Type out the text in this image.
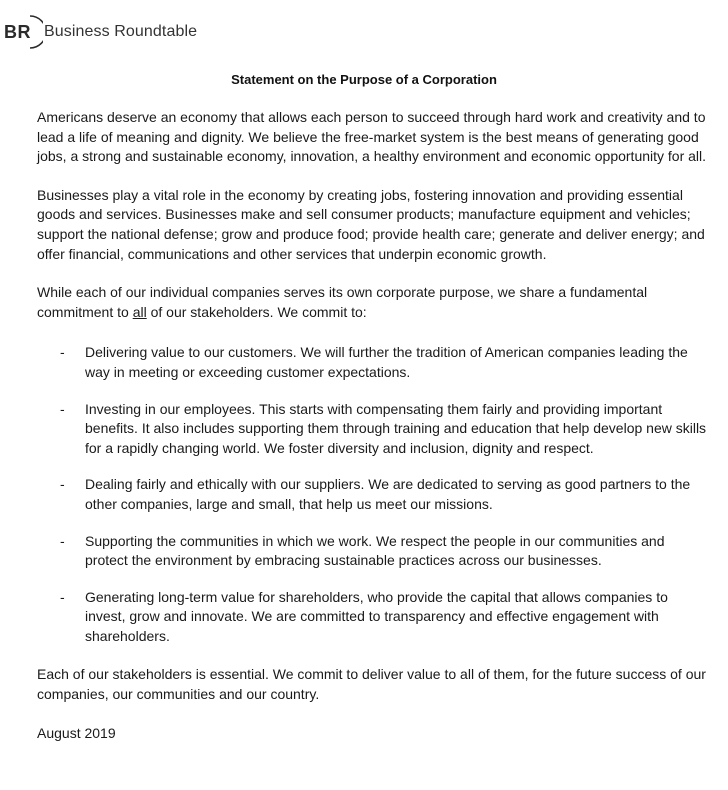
BR Business Roundtable
Statement on the Purpose of a Corporation

Americans deserve an economy that allows each person to succeed through hard work and creativity and to lead a life of meaning and dignity. We believe the free-market system is the best means of generating good jobs, a strong and sustainable economy, innovation, a healthy environment and economic opportunity for all.

Businesses play a vital role in the economy by creating jobs, fostering innovation and providing essential goods and services. Businesses make and sell consumer products; manufacture equipment and vehicles; support the national defense; grow and produce food; provide health care; generate and deliver energy; and offer financial, communications and other services that underpin economic growth.

While each of our individual companies serves its own corporate purpose, we share a fundamental commitment to all of our stakeholders. We commit to:

- Delivering value to our customers. We will further the tradition of American companies leading the way in meeting or exceeding customer expectations.
- Investing in our employees. This starts with compensating them fairly and providing important benefits. It also includes supporting them through training and education that help develop new skills for a rapidly changing world. We foster diversity and inclusion, dignity and respect.
- Dealing fairly and ethically with our suppliers. We are dedicated to serving as good partners to the other companies, large and small, that help us meet our missions.
- Supporting the communities in which we work. We respect the people in our communities and protect the environment by embracing sustainable practices across our businesses.
- Generating long-term value for shareholders, who provide the capital that allows companies to invest, grow and innovate. We are committed to transparency and effective engagement with shareholders.

Each of our stakeholders is essential. We commit to deliver value to all of them, for the future success of our companies, our communities and our country.

August 2019
